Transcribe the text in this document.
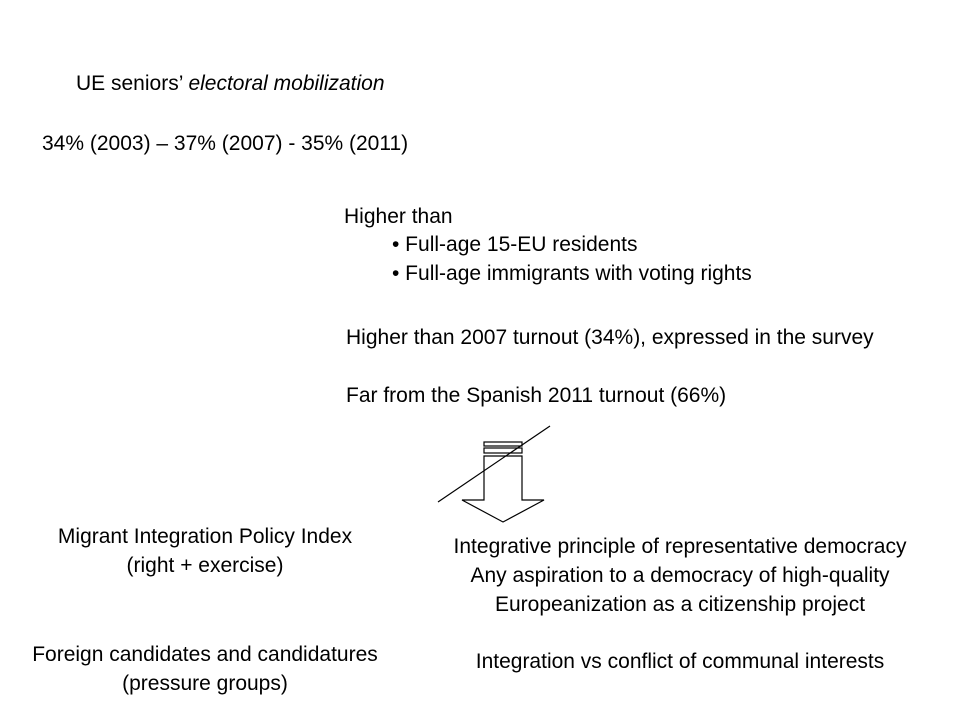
UE seniors’ electoral mobilization
34% (2003) – 37% (2007) - 35% (2011)
Higher than
• Full-age 15-EU residents
• Full-age immigrants with voting rights
Higher than 2007 turnout (34%), expressed in the survey
Far from the Spanish 2011 turnout (66%)
Migrant Integration Policy Index
(right + exercise)
Foreign candidates and candidatures
(pressure groups)
Integrative principle of representative democracy
Any aspiration to a democracy of high-quality
Europeanization as a citizenship project
Integration vs conflict of communal interests
